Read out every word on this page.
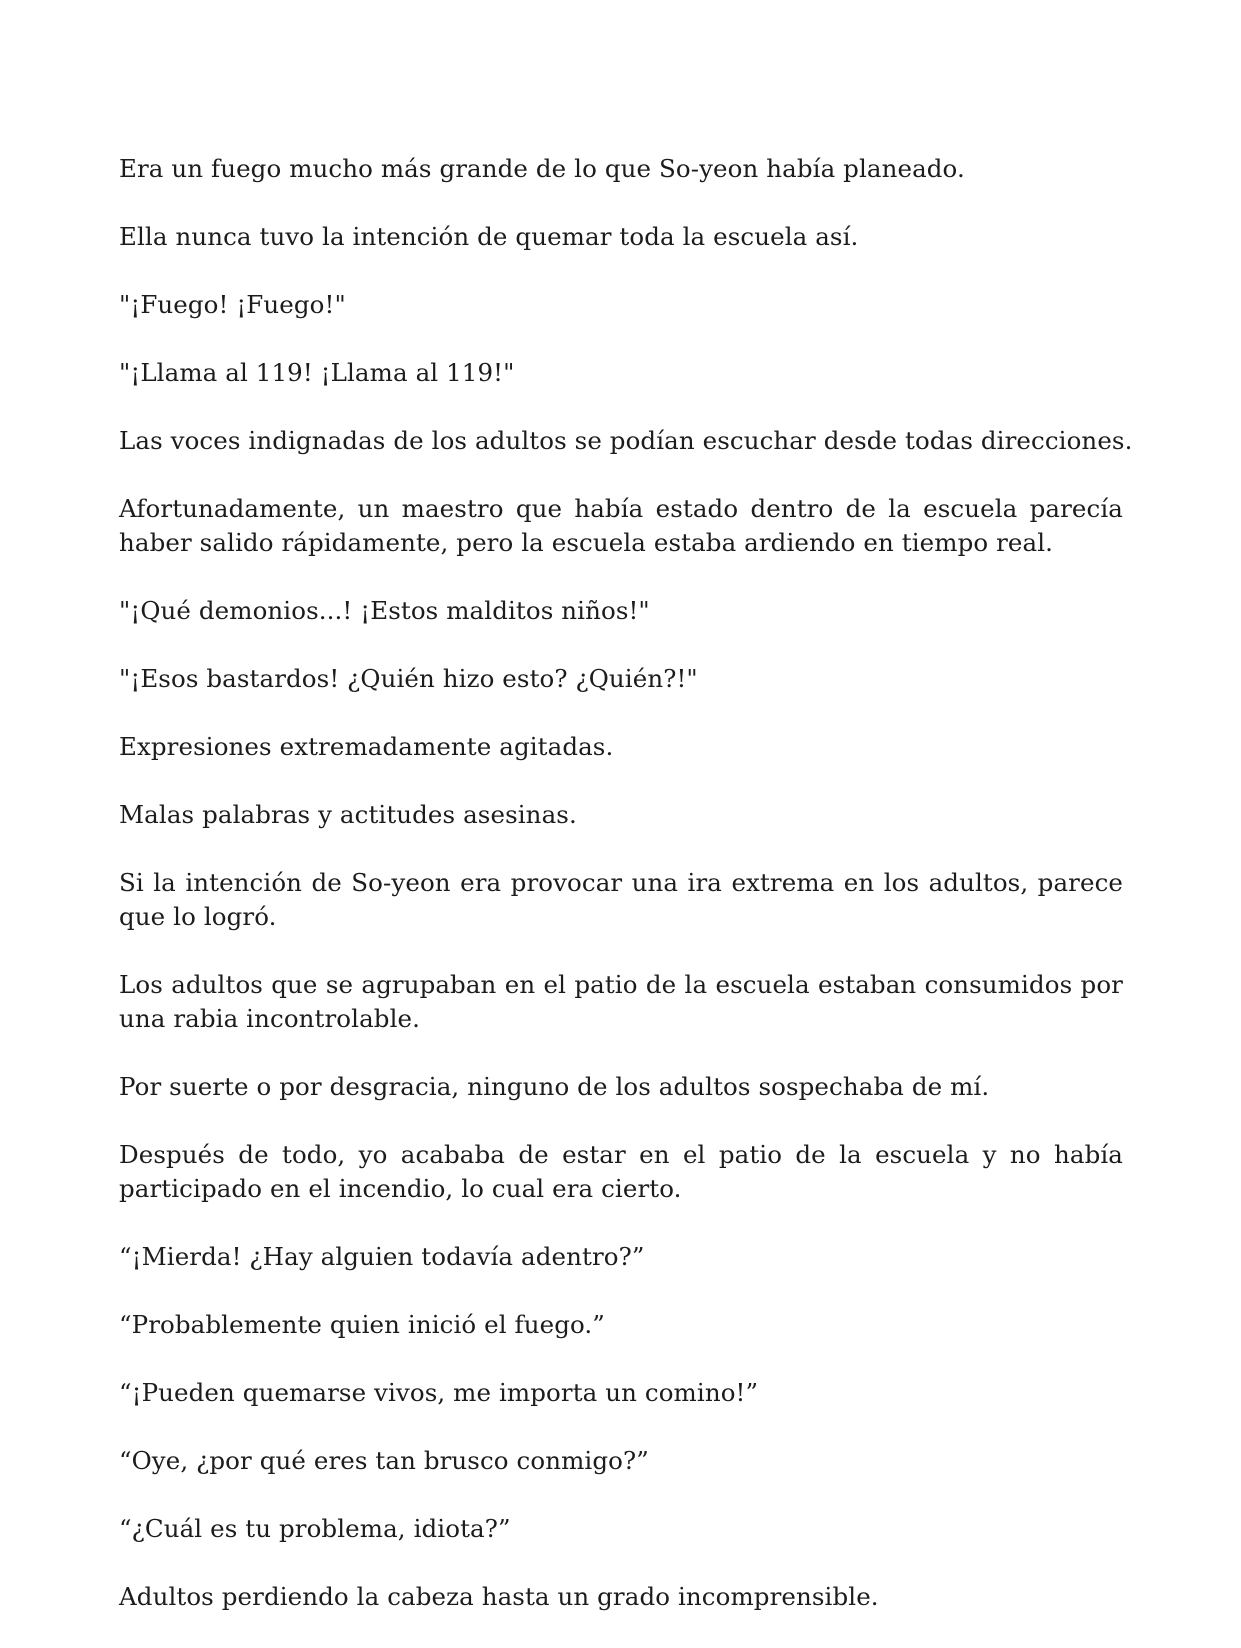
Era un fuego mucho más grande de lo que So-yeon había planeado.

Ella nunca tuvo la intención de quemar toda la escuela así.

"¡Fuego! ¡Fuego!"

"¡Llama al 119! ¡Llama al 119!"

Las voces indignadas de los adultos se podían escuchar desde todas direcciones.

Afortunadamente, un maestro que había estado dentro de la escuela parecía haber salido rápidamente, pero la escuela estaba ardiendo en tiempo real.

"¡Qué demonios...! ¡Estos malditos niños!"

"¡Esos bastardos! ¿Quién hizo esto? ¿Quién?!"

Expresiones extremadamente agitadas.

Malas palabras y actitudes asesinas.

Si la intención de So-yeon era provocar una ira extrema en los adultos, parece que lo logró.

Los adultos que se agrupaban en el patio de la escuela estaban consumidos por una rabia incontrolable.

Por suerte o por desgracia, ninguno de los adultos sospechaba de mí.

Después de todo, yo acababa de estar en el patio de la escuela y no había participado en el incendio, lo cual era cierto.

“¡Mierda! ¿Hay alguien todavía adentro?”

“Probablemente quien inició el fuego.”

“¡Pueden quemarse vivos, me importa un comino!”

“Oye, ¿por qué eres tan brusco conmigo?”

“¿Cuál es tu problema, idiota?”

Adultos perdiendo la cabeza hasta un grado incomprensible.
